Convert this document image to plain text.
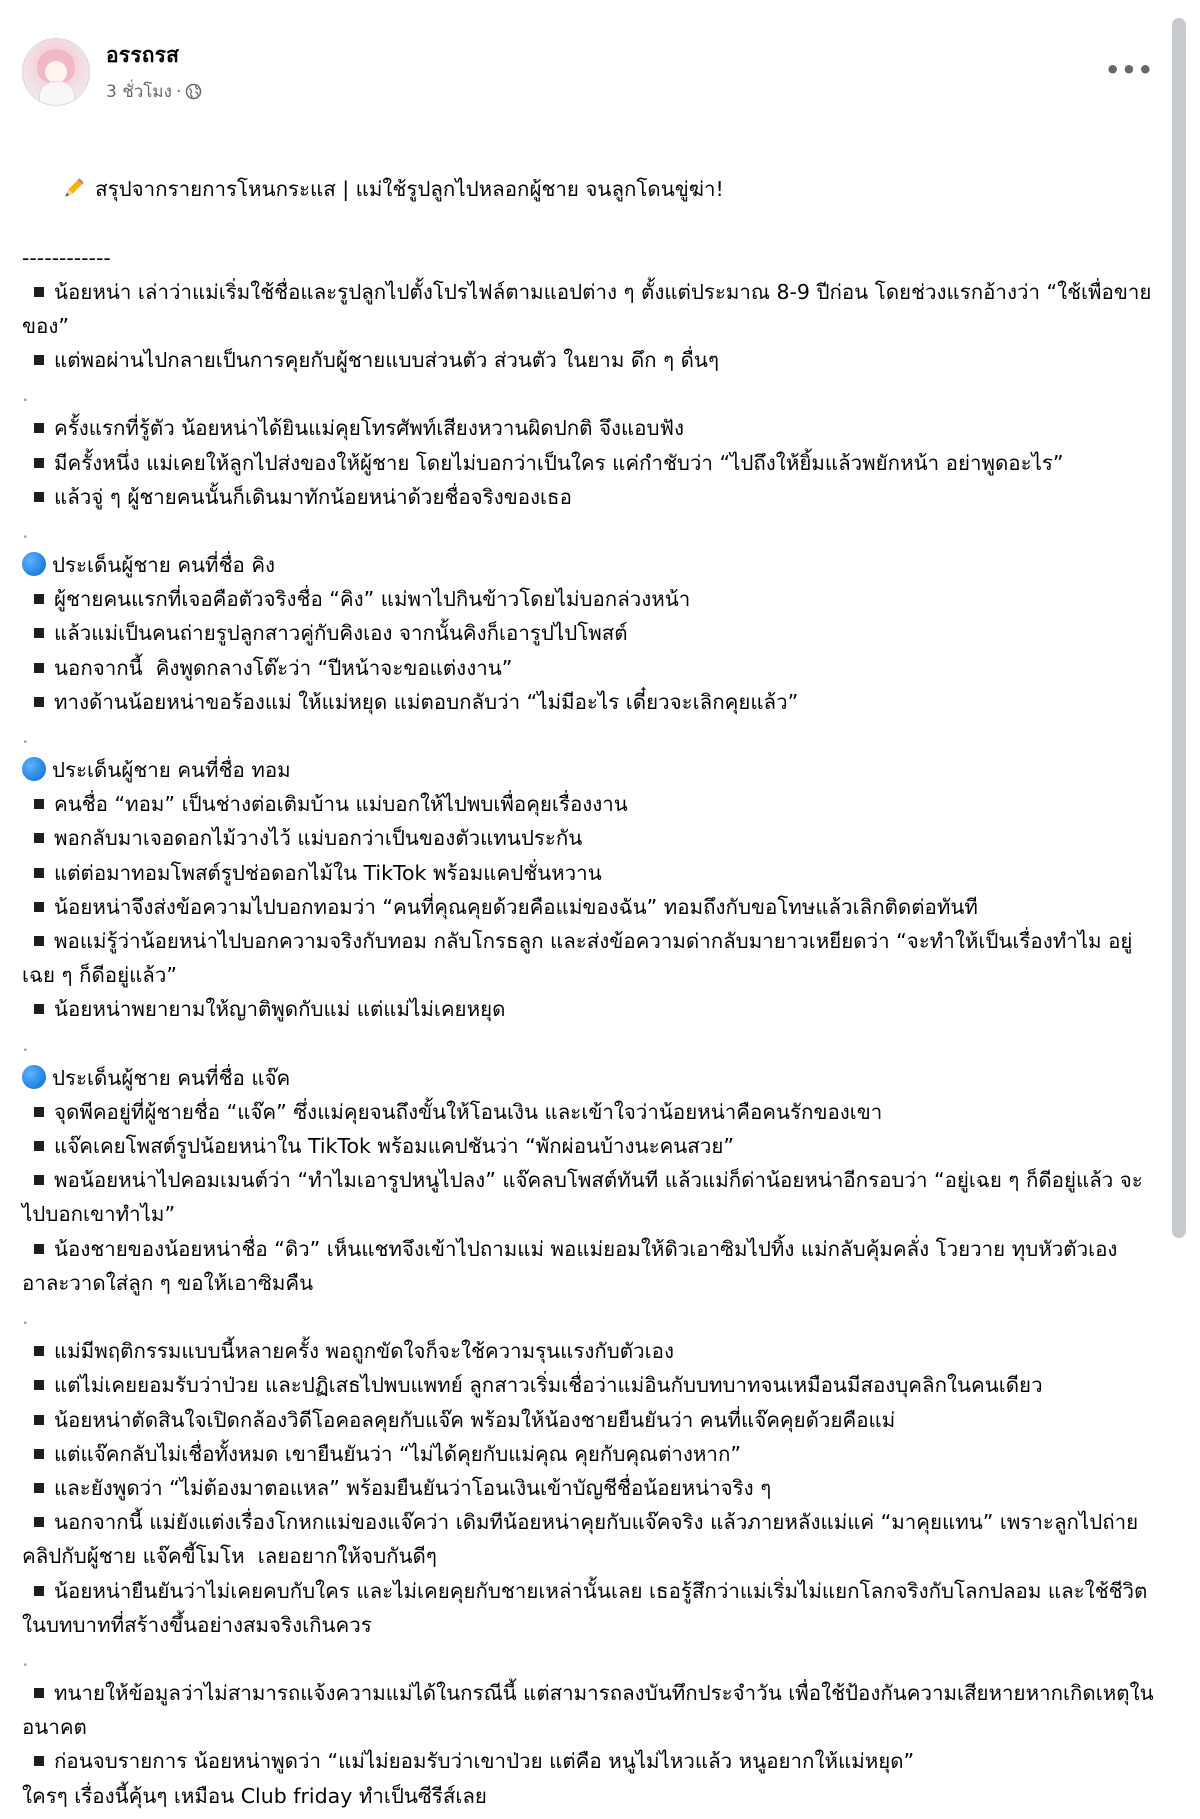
อรรถรส
3 ชั่วโมง ·
•••

สรุปจากรายการโหนกระแส | แม่ใช้รูปลูกไปหลอกผู้ชาย จนลูกโดนขู่ฆ่า!

------------
น้อยหน่า เล่าว่าแม่เริ่มใช้ชื่อและรูปลูกไปตั้งโปรไฟล์ตามแอปต่าง ๆ ตั้งแต่ประมาณ 8-9 ปีก่อน โดยช่วงแรกอ้างว่า “ใช้เพื่อขายของ”
แต่พอผ่านไปกลายเป็นการคุยกับผู้ชายแบบส่วนตัว ส่วนตัว ในยาม ดึก ๆ ดื่นๆ
.
ครั้งแรกที่รู้ตัว น้อยหน่าได้ยินแม่คุยโทรศัพท์เสียงหวานผิดปกติ จึงแอบฟัง
มีครั้งหนึ่ง แม่เคยให้ลูกไปส่งของให้ผู้ชาย โดยไม่บอกว่าเป็นใคร แค่กำชับว่า “ไปถึงให้ยิ้มแล้วพยักหน้า อย่าพูดอะไร”
แล้วจู่ ๆ ผู้ชายคนนั้นก็เดินมาทักน้อยหน่าด้วยชื่อจริงของเธอ
.
ประเด็นผู้ชาย คนที่ชื่อ คิง
ผู้ชายคนแรกที่เจอคือตัวจริงชื่อ “คิง” แม่พาไปกินข้าวโดยไม่บอกล่วงหน้า
แล้วแม่เป็นคนถ่ายรูปลูกสาวคู่กับคิงเอง จากนั้นคิงก็เอารูปไปโพสต์
นอกจากนี้  คิงพูดกลางโต๊ะว่า “ปีหน้าจะขอแต่งงาน”
ทางด้านน้อยหน่าขอร้องแม่ ให้แม่หยุด แม่ตอบกลับว่า “ไม่มีอะไร เดี๋ยวจะเลิกคุยแล้ว”
.
ประเด็นผู้ชาย คนที่ชื่อ ทอม
คนชื่อ “ทอม” เป็นช่างต่อเติมบ้าน แม่บอกให้ไปพบเพื่อคุยเรื่องงาน
พอกลับมาเจอดอกไม้วางไว้ แม่บอกว่าเป็นของตัวแทนประกัน
แต่ต่อมาทอมโพสต์รูปช่อดอกไม้ใน TikTok พร้อมแคปชั่นหวาน
น้อยหน่าจึงส่งข้อความไปบอกทอมว่า “คนที่คุณคุยด้วยคือแม่ของฉัน” ทอมถึงกับขอโทษแล้วเลิกติดต่อทันที
พอแม่รู้ว่าน้อยหน่าไปบอกความจริงกับทอม กลับโกรธลูก และส่งข้อความด่ากลับมายาวเหยียดว่า “จะทำให้เป็นเรื่องทำไม อยู่เฉย ๆ ก็ดีอยู่แล้ว”
น้อยหน่าพยายามให้ญาติพูดกับแม่ แต่แม่ไม่เคยหยุด
.
ประเด็นผู้ชาย คนที่ชื่อ แจ๊ค
จุดพีคอยู่ที่ผู้ชายชื่อ “แจ๊ค” ซึ่งแม่คุยจนถึงขั้นให้โอนเงิน และเข้าใจว่าน้อยหน่าคือคนรักของเขา
แจ๊คเคยโพสต์รูปน้อยหน่าใน TikTok พร้อมแคปชันว่า “พักผ่อนบ้างนะคนสวย”
พอน้อยหน่าไปคอมเมนต์ว่า “ทำไมเอารูปหนูไปลง” แจ๊คลบโพสต์ทันที แล้วแม่ก็ด่าน้อยหน่าอีกรอบว่า “อยู่เฉย ๆ ก็ดีอยู่แล้ว จะไปบอกเขาทำไม”
น้องชายของน้อยหน่าชื่อ “ดิว” เห็นแชทจึงเข้าไปถามแม่ พอแม่ยอมให้ดิวเอาซิมไปทิ้ง แม่กลับคุ้มคลั่ง โวยวาย ทุบหัวตัวเอง อาละวาดใส่ลูก ๆ ขอให้เอาซิมคืน
.
แม่มีพฤติกรรมแบบนี้หลายครั้ง พอถูกขัดใจก็จะใช้ความรุนแรงกับตัวเอง
แต่ไม่เคยยอมรับว่าป่วย และปฏิเสธไปพบแพทย์ ลูกสาวเริ่มเชื่อว่าแม่อินกับบทบาทจนเหมือนมีสองบุคลิกในคนเดียว
น้อยหน่าตัดสินใจเปิดกล้องวิดีโอคอลคุยกับแจ๊ค พร้อมให้น้องชายยืนยันว่า คนที่แจ๊คคุยด้วยคือแม่
แต่แจ๊คกลับไม่เชื่อทั้งหมด เขายืนยันว่า “ไม่ได้คุยกับแม่คุณ คุยกับคุณต่างหาก”
และยังพูดว่า “ไม่ต้องมาตอแหล” พร้อมยืนยันว่าโอนเงินเข้าบัญชีชื่อน้อยหน่าจริง ๆ
นอกจากนี้ แม่ยังแต่งเรื่องโกหกแม่ของแจ๊คว่า เดิมทีน้อยหน่าคุยกับแจ๊คจริง แล้วภายหลังแม่แค่ “มาคุยแทน” เพราะลูกไปถ่ายคลิปกับผู้ชาย แจ๊คขี้โมโห  เลยอยากให้จบกันดีๆ
น้อยหน่ายืนยันว่าไม่เคยคบกับใคร และไม่เคยคุยกับชายเหล่านั้นเลย เธอรู้สึกว่าแม่เริ่มไม่แยกโลกจริงกับโลกปลอม และใช้ชีวิตในบทบาทที่สร้างขึ้นอย่างสมจริงเกินควร
.
ทนายให้ข้อมูลว่าไม่สามารถแจ้งความแม่ได้ในกรณีนี้ แต่สามารถลงบันทึกประจำวัน เพื่อใช้ป้องกันความเสียหายหากเกิดเหตุในอนาคต
ก่อนจบรายการ น้อยหน่าพูดว่า “แม่ไม่ยอมรับว่าเขาป่วย แต่คือ หนูไม่ไหวแล้ว หนูอยากให้แม่หยุด”
ใครๆ เรื่องนี้คุ้นๆ เหมือน Club friday ทำเป็นซีรีส์เลย
